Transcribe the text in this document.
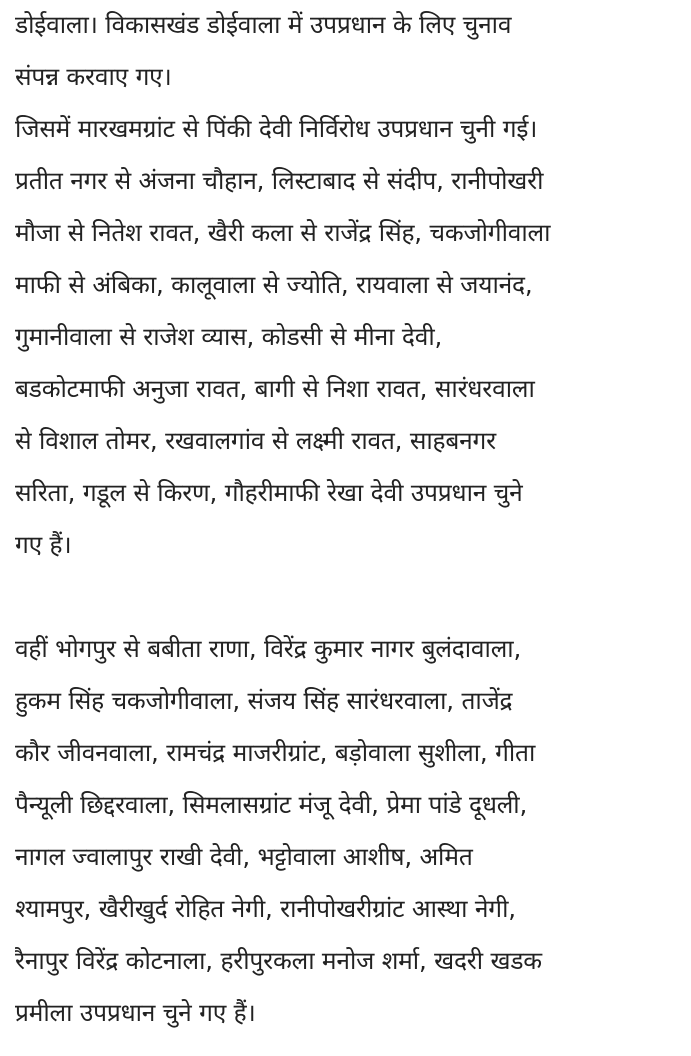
डोईवाला। विकासखंड डोईवाला में उपप्रधान के लिए चुनाव
संपन्न करवाए गए।

जिसमें मारखमग्रांट से पिंकी देवी निर्विरोध उपप्रधान चुनी गई।
प्रतीत नगर से अंजना चौहान, लिस्टाबाद से संदीप, रानीपोखरी
मौजा से नितेश रावत, खैरी कला से राजेंद्र सिंह, चकजोगीवाला
माफी से अंबिका, कालूवाला से ज्योति, रायवाला से जयानंद,
गुमानीवाला से राजेश व्यास, कोडसी से मीना देवी,
बडकोटमाफी अनुजा रावत, बागी से निशा रावत, सारंधरवाला
से विशाल तोमर, रखवालगांव से लक्ष्मी रावत, साहबनगर
सरिता, गडूल से किरण, गौहरीमाफी रेखा देवी उपप्रधान चुने
गए हैं।

वहीं भोगपुर से बबीता राणा, विरेंद्र कुमार नागर बुलंदावाला,
हुकम सिंह चकजोगीवाला, संजय सिंह सारंधरवाला, ताजेंद्र
कौर जीवनवाला, रामचंद्र माजरीग्रांट, बड़ोवाला सुशीला, गीता
पैन्यूली छिद्दरवाला, सिमलासग्रांट मंजू देवी, प्रेमा पांडे दूधली,
नागल ज्वालापुर राखी देवी, भट्टोवाला आशीष, अमित
श्यामपुर, खैरीखुर्द रोहित नेगी, रानीपोखरीग्रांट आस्था नेगी,
रैनापुर विरेंद्र कोटनाला, हरीपुरकला मनोज शर्मा, खदरी खडक
प्रमीला उपप्रधान चुने गए हैं।
